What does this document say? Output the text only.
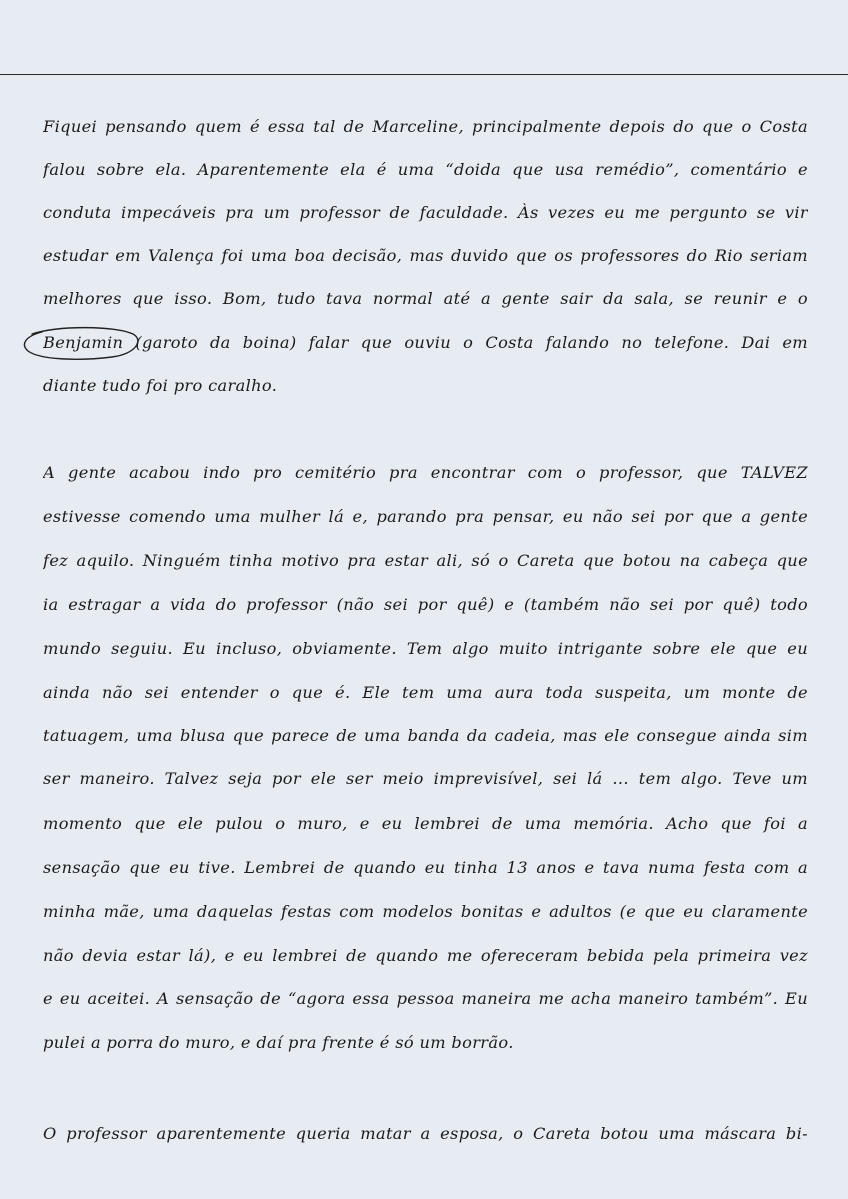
Fiquei pensando quem é essa tal de Marceline, principalmente depois do que o Costa
falou sobre ela. Aparentemente ela é uma “doida que usa remédio”, comentário e
conduta impecáveis pra um professor de faculdade. Às vezes eu me pergunto se vir
estudar em Valença foi uma boa decisão, mas duvido que os professores do Rio seriam
melhores que isso. Bom, tudo tava normal até a gente sair da sala, se reunir e o
Benjamin (garoto da boina) falar que ouviu o Costa falando no telefone. Dai em
diante tudo foi pro caralho.
A gente acabou indo pro cemitério pra encontrar com o professor, que TALVEZ
estivesse comendo uma mulher lá e, parando pra pensar, eu não sei por que a gente
fez aquilo. Ninguém tinha motivo pra estar ali, só o Careta que botou na cabeça que
ia estragar a vida do professor (não sei por quê) e (também não sei por quê) todo
mundo seguiu. Eu incluso, obviamente. Tem algo muito intrigante sobre ele que eu
ainda não sei entender o que é. Ele tem uma aura toda suspeita, um monte de
tatuagem, uma blusa que parece de uma banda da cadeia, mas ele consegue ainda sim
ser maneiro. Talvez seja por ele ser meio imprevisível, sei lá ... tem algo. Teve um
momento que ele pulou o muro, e eu lembrei de uma memória. Acho que foi a
sensação que eu tive. Lembrei de quando eu tinha 13 anos e tava numa festa com a
minha mãe, uma daquelas festas com modelos bonitas e adultos (e que eu claramente
não devia estar lá), e eu lembrei de quando me ofereceram bebida pela primeira vez
e eu aceitei. A sensação de “agora essa pessoa maneira me acha maneiro também”. Eu
pulei a porra do muro, e daí pra frente é só um borrão.
O professor aparentemente queria matar a esposa, o Careta botou uma máscara bi-
